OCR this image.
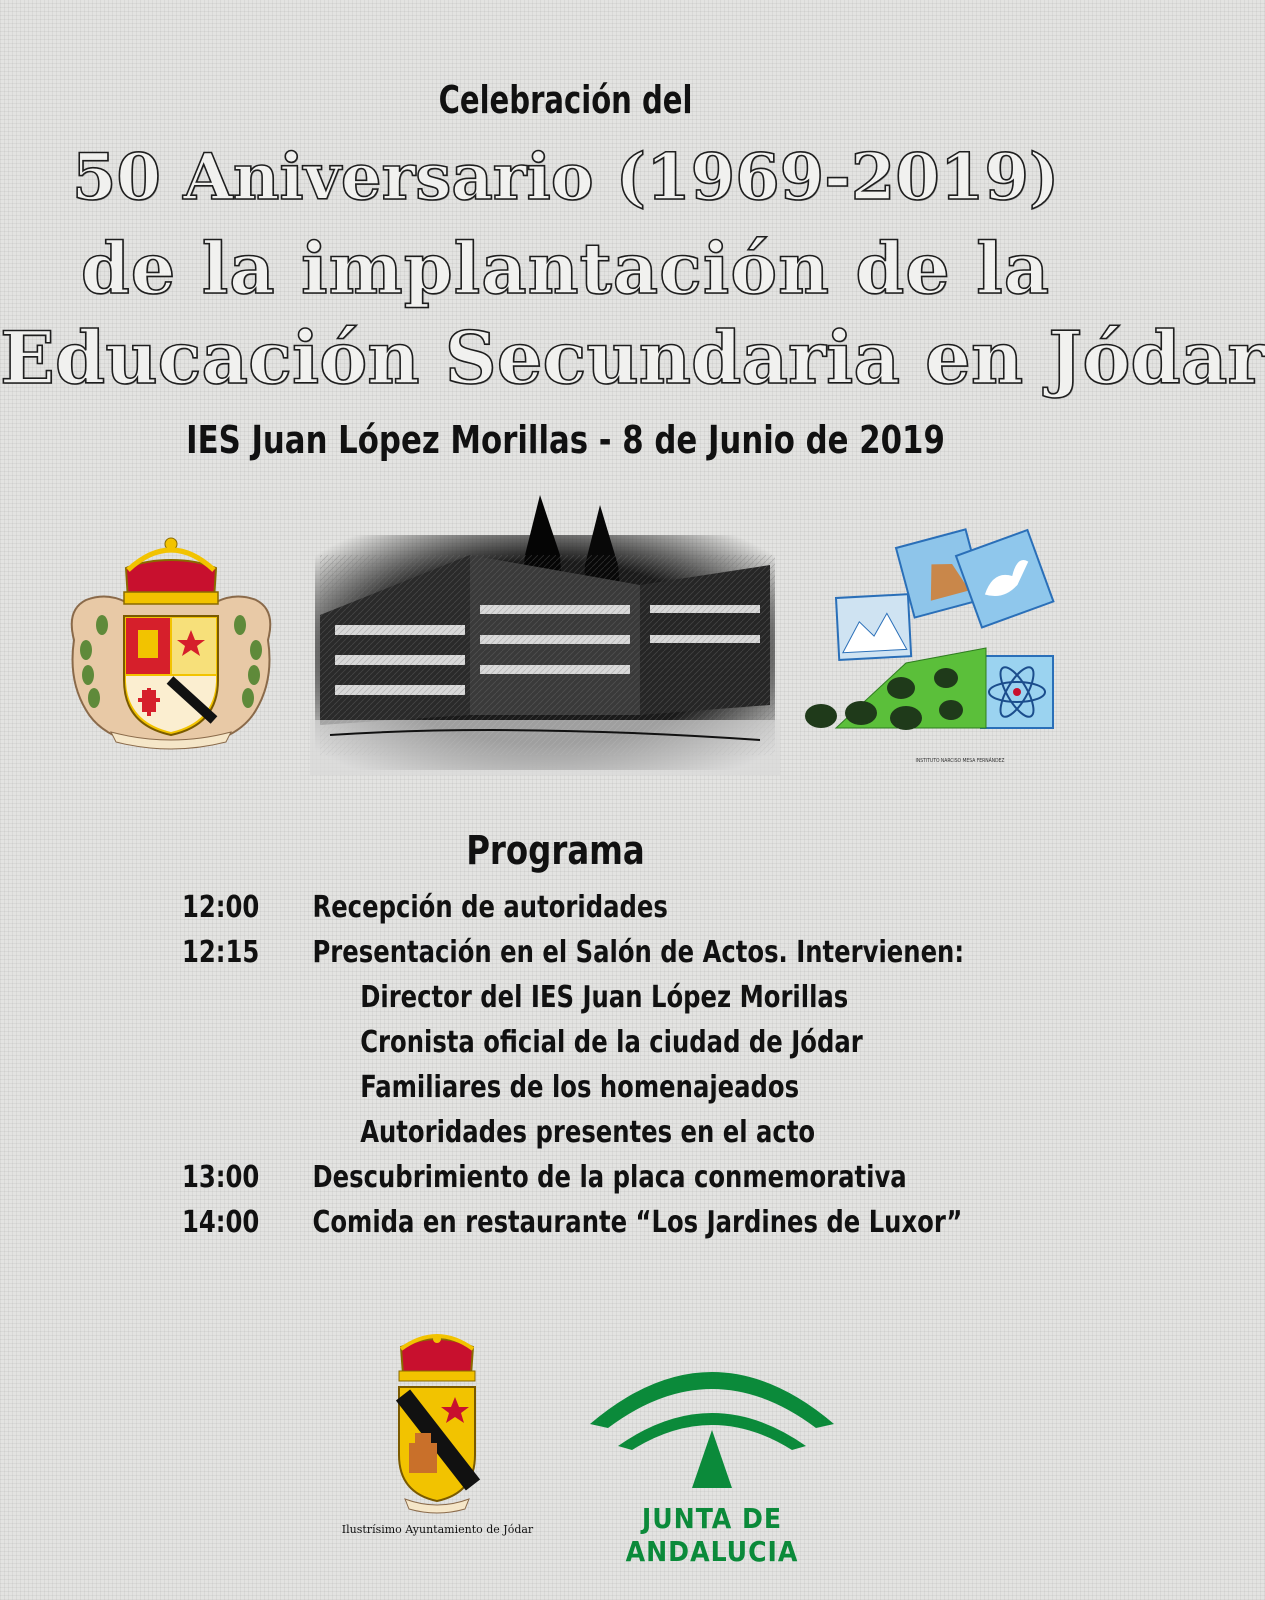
Celebración del
50 Aniversario (1969-2019)
de la implantación de la
Educación Secundaria en Jódar
IES Juan López Morillas - 8 de Junio de 2019
INSTITUTO NARCISO MESA FERNÁNDEZ
Programa
12:00 Recepción de autoridades
12:15 Presentación en el Salón de Actos. Intervienen:
Director del IES Juan López Morillas
Cronista oficial de la ciudad de Jódar
Familiares de los homenajeados
Autoridades presentes en el acto
13:00 Descubrimiento de la placa conmemorativa
14:00 Comida en restaurante “Los Jardines de Luxor”
Ilustrísimo Ayuntamiento de Jódar	JUNTA DE ANDALUCIA
